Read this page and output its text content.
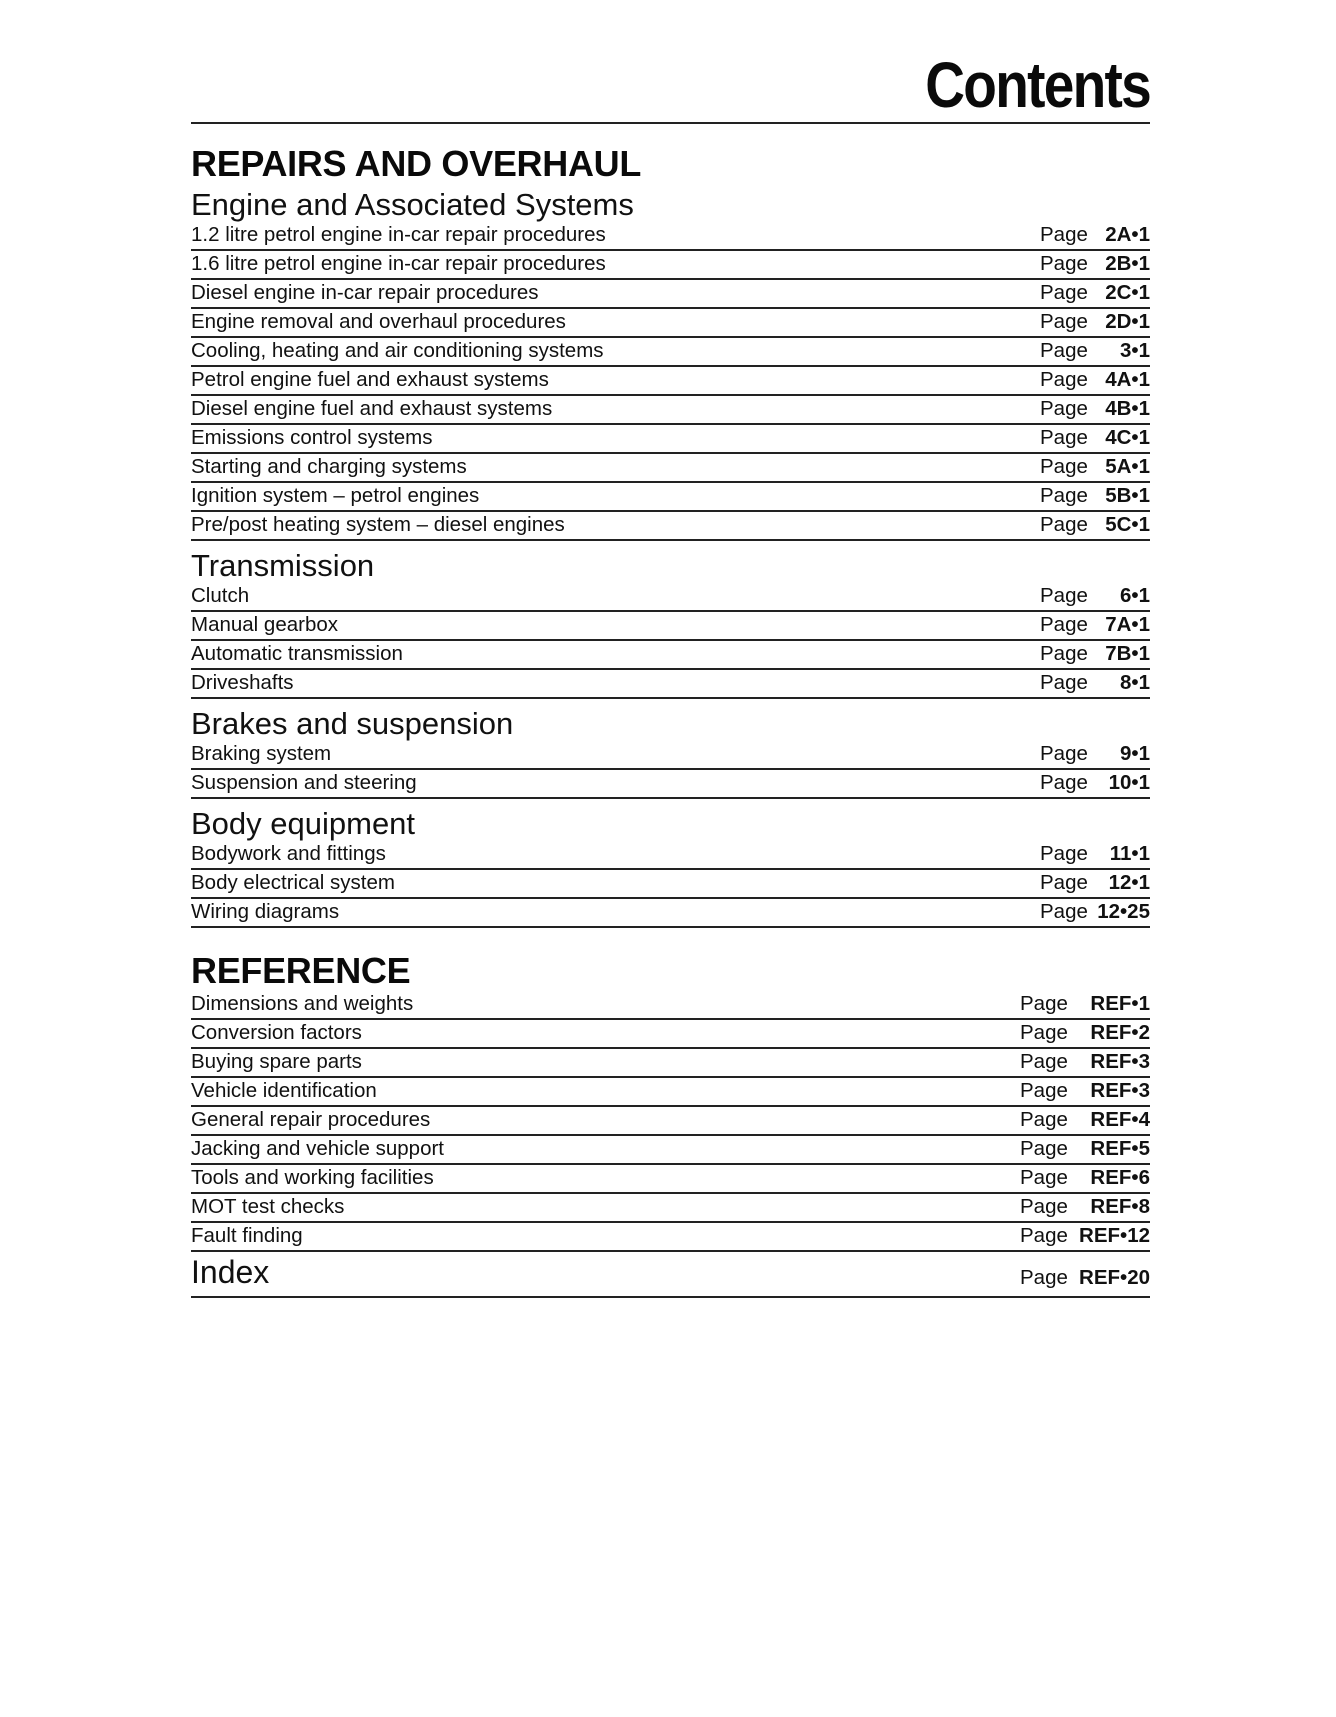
Contents
REPAIRS AND OVERHAUL
Engine and Associated Systems
1.2 litre petrol engine in-car repair procedures	Page 2A•1
1.6 litre petrol engine in-car repair procedures	Page 2B•1
Diesel engine in-car repair procedures	Page 2C•1
Engine removal and overhaul procedures	Page 2D•1
Cooling, heating and air conditioning systems	Page	3•1
Petrol engine fuel and exhaust systems	Page 4A•1
Diesel engine fuel and exhaust systems	Page 4B•1
Emissions control systems	Page 4C•1
Starting and charging systems	Page 5A•1
Ignition system – petrol engines	Page 5B•1
Pre/post heating system – diesel engines	Page 5C•1
Transmission
Clutch	Page	6•1
Manual gearbox	Page 7A•1
Automatic transmission	Page 7B•1
Driveshafts	Page	8•1
Brakes and suspension
Braking system	Page	9•1
Suspension and steering	Page	10•1
Body equipment
Bodywork and fittings	Page	11•1
Body electrical system	Page	12•1
Wiring diagrams	Page 12•25
REFERENCE
Dimensions and weights	Page	REF•1
Conversion factors	Page	REF•2
Buying spare parts	Page	REF•3
Vehicle identification	Page	REF•3
General repair procedures	Page	REF•4
Jacking and vehicle support	Page	REF•5
Tools and working facilities	Page	REF•6
MOT test checks	Page	REF•8
Fault finding	Page REF•12
Index	Page REF•20
